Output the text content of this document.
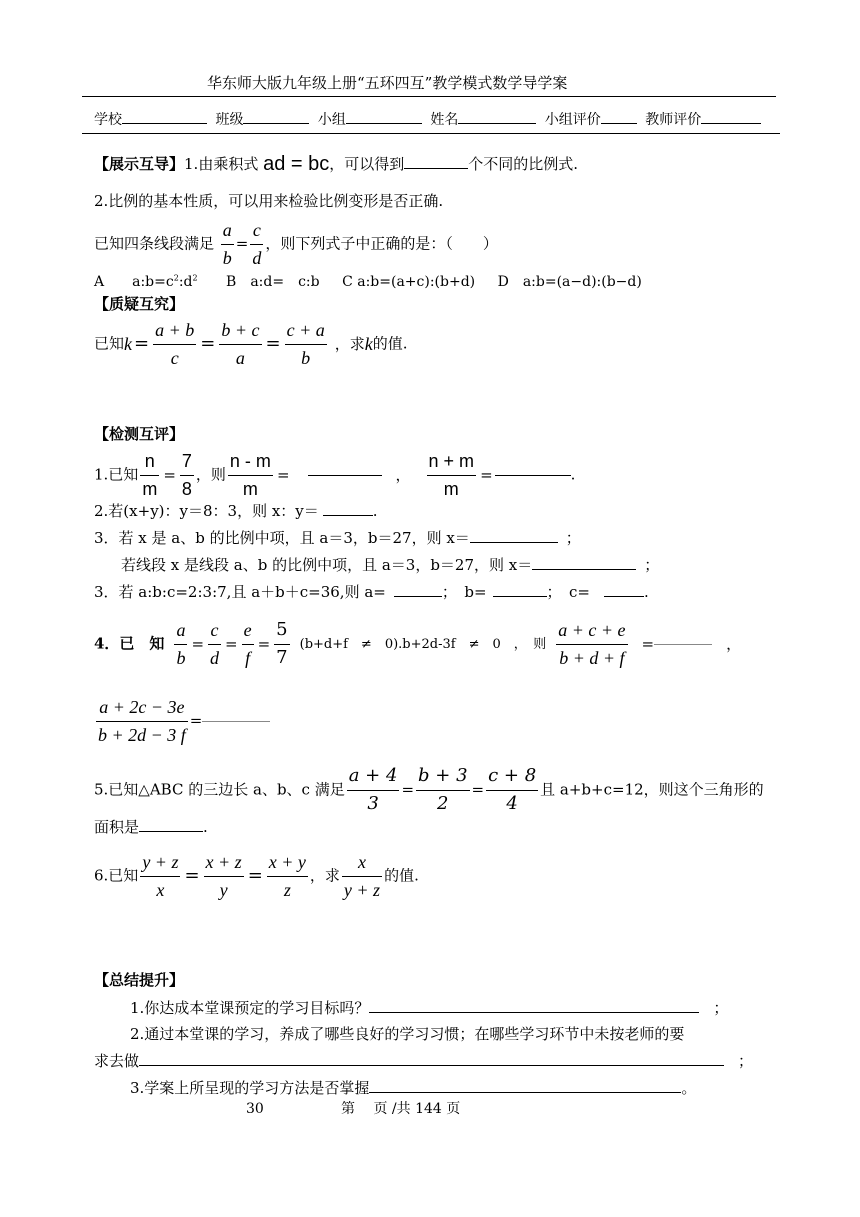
华东师大版九年级上册“五环四互”教学模式数学导学案
学校	班级	小组	姓名	小组评价	教师评价
【展示互导】1.由乘积式 ad = bc，可以得到	个不同的比例式.
2.比例的基本性质，可以用来检验比例变形是否正确.
已知四条线段满足 $\frac{a}{b} = \frac{c}{d}$ ，则下列式子中正确的是：（　　）
A　　$a:b=c^2:d^2$ B　a:d=　c:b C a:b=(a+c):(b+d) D　a:b=(a−d):(b−d)
【质疑互究】
已知$k = \frac{a + b}{c} = \frac{b + c}{a} = \frac{c + a}{b}$ ，求k的值.
【检测互评】
1.已知 $\frac{n}{m} = \frac{7}{8}$ ，则 $\frac{n - m}{m}$ =	， $\frac{n + m}{m}$ =	.
2.若(x+y)：y＝8：3，则 x：y＝	.
3．若 x 是 a、b 的比例中项，且 a＝3，b＝27，则 x＝	；
若线段 x 是线段 a、b 的比例中项，且 a＝3，b＝27，则 x＝	；
3．若 a:b:c=2:3:7,且 a＋b＋c=36,则 a=	；　b=	；　c=	.
4．已　知 $\frac{a}{b} = \frac{c}{d} = \frac{e}{f} = \frac{5}{7} (b+d+f$　≠　0).b+2d-3f　≠　0　，　则 $\frac{a + c + e}{b + d + f}$ =	，
$\frac{a + 2c - 3e}{b + 2d - 3 f}$ =
5.已知△ABC 的三边长 a、b、c 满足 $\frac{a + 4}{3} = \frac{b + 3}{2} = \frac{c + 8}{4}$ 且 a+b+c=12，则这个三角形的
面积是	.
6.已知 $\frac{y + z}{x} = \frac{x + z}{y} = \frac{x + y}{z}$ ，求 $\frac{x}{y + z}$ 的值.
【总结提升】
1.你达成本堂课预定的学习目标吗？	；
2.通过本堂课的学习，养成了哪些良好的学习习惯；在哪些学习环节中未按老师的要
求去做	；
3.学案上所呈现的学习方法是否掌握	。
30	第　 页 /共 144 页
